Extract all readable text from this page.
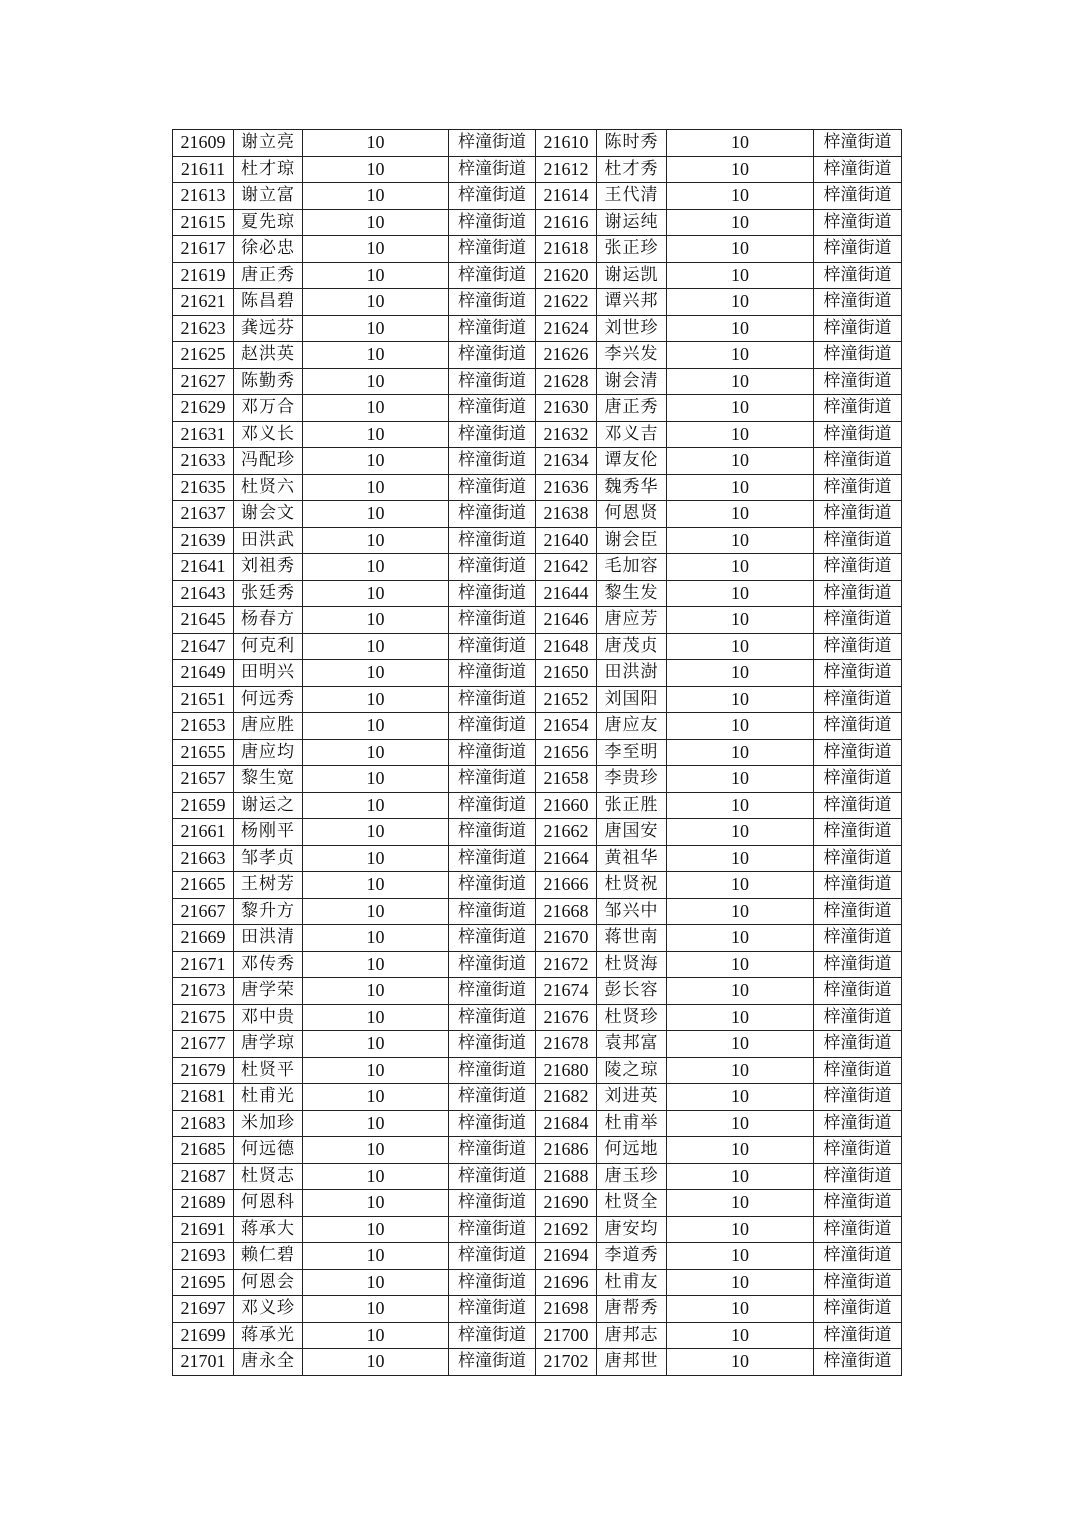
21609	谢立亮	10	梓潼街道	21610	陈时秀	10	梓潼街道
21611	杜才琼	10	梓潼街道	21612	杜才秀	10	梓潼街道
21613	谢立富	10	梓潼街道	21614	王代清	10	梓潼街道
21615	夏先琼	10	梓潼街道	21616	谢运纯	10	梓潼街道
21617	徐必忠	10	梓潼街道	21618	张正珍	10	梓潼街道
21619	唐正秀	10	梓潼街道	21620	谢运凯	10	梓潼街道
21621	陈昌碧	10	梓潼街道	21622	谭兴邦	10	梓潼街道
21623	龚远芬	10	梓潼街道	21624	刘世珍	10	梓潼街道
21625	赵洪英	10	梓潼街道	21626	李兴发	10	梓潼街道
21627	陈勤秀	10	梓潼街道	21628	谢会清	10	梓潼街道
21629	邓万合	10	梓潼街道	21630	唐正秀	10	梓潼街道
21631	邓义长	10	梓潼街道	21632	邓义吉	10	梓潼街道
21633	冯配珍	10	梓潼街道	21634	谭友伦	10	梓潼街道
21635	杜贤六	10	梓潼街道	21636	魏秀华	10	梓潼街道
21637	谢会文	10	梓潼街道	21638	何恩贤	10	梓潼街道
21639	田洪武	10	梓潼街道	21640	谢会臣	10	梓潼街道
21641	刘祖秀	10	梓潼街道	21642	毛加容	10	梓潼街道
21643	张廷秀	10	梓潼街道	21644	黎生发	10	梓潼街道
21645	杨春方	10	梓潼街道	21646	唐应芳	10	梓潼街道
21647	何克利	10	梓潼街道	21648	唐茂贞	10	梓潼街道
21649	田明兴	10	梓潼街道	21650	田洪澍	10	梓潼街道
21651	何远秀	10	梓潼街道	21652	刘国阳	10	梓潼街道
21653	唐应胜	10	梓潼街道	21654	唐应友	10	梓潼街道
21655	唐应均	10	梓潼街道	21656	李至明	10	梓潼街道
21657	黎生宽	10	梓潼街道	21658	李贵珍	10	梓潼街道
21659	谢运之	10	梓潼街道	21660	张正胜	10	梓潼街道
21661	杨刚平	10	梓潼街道	21662	唐国安	10	梓潼街道
21663	邹孝贞	10	梓潼街道	21664	黄祖华	10	梓潼街道
21665	王树芳	10	梓潼街道	21666	杜贤祝	10	梓潼街道
21667	黎升方	10	梓潼街道	21668	邹兴中	10	梓潼街道
21669	田洪清	10	梓潼街道	21670	蒋世南	10	梓潼街道
21671	邓传秀	10	梓潼街道	21672	杜贤海	10	梓潼街道
21673	唐学荣	10	梓潼街道	21674	彭长容	10	梓潼街道
21675	邓中贵	10	梓潼街道	21676	杜贤珍	10	梓潼街道
21677	唐学琼	10	梓潼街道	21678	袁邦富	10	梓潼街道
21679	杜贤平	10	梓潼街道	21680	陵之琼	10	梓潼街道
21681	杜甫光	10	梓潼街道	21682	刘进英	10	梓潼街道
21683	米加珍	10	梓潼街道	21684	杜甫举	10	梓潼街道
21685	何远德	10	梓潼街道	21686	何远地	10	梓潼街道
21687	杜贤志	10	梓潼街道	21688	唐玉珍	10	梓潼街道
21689	何恩科	10	梓潼街道	21690	杜贤全	10	梓潼街道
21691	蒋承大	10	梓潼街道	21692	唐安均	10	梓潼街道
21693	赖仁碧	10	梓潼街道	21694	李道秀	10	梓潼街道
21695	何恩会	10	梓潼街道	21696	杜甫友	10	梓潼街道
21697	邓义珍	10	梓潼街道	21698	唐帮秀	10	梓潼街道
21699	蒋承光	10	梓潼街道	21700	唐邦志	10	梓潼街道
21701	唐永全	10	梓潼街道	21702	唐邦世	10	梓潼街道
